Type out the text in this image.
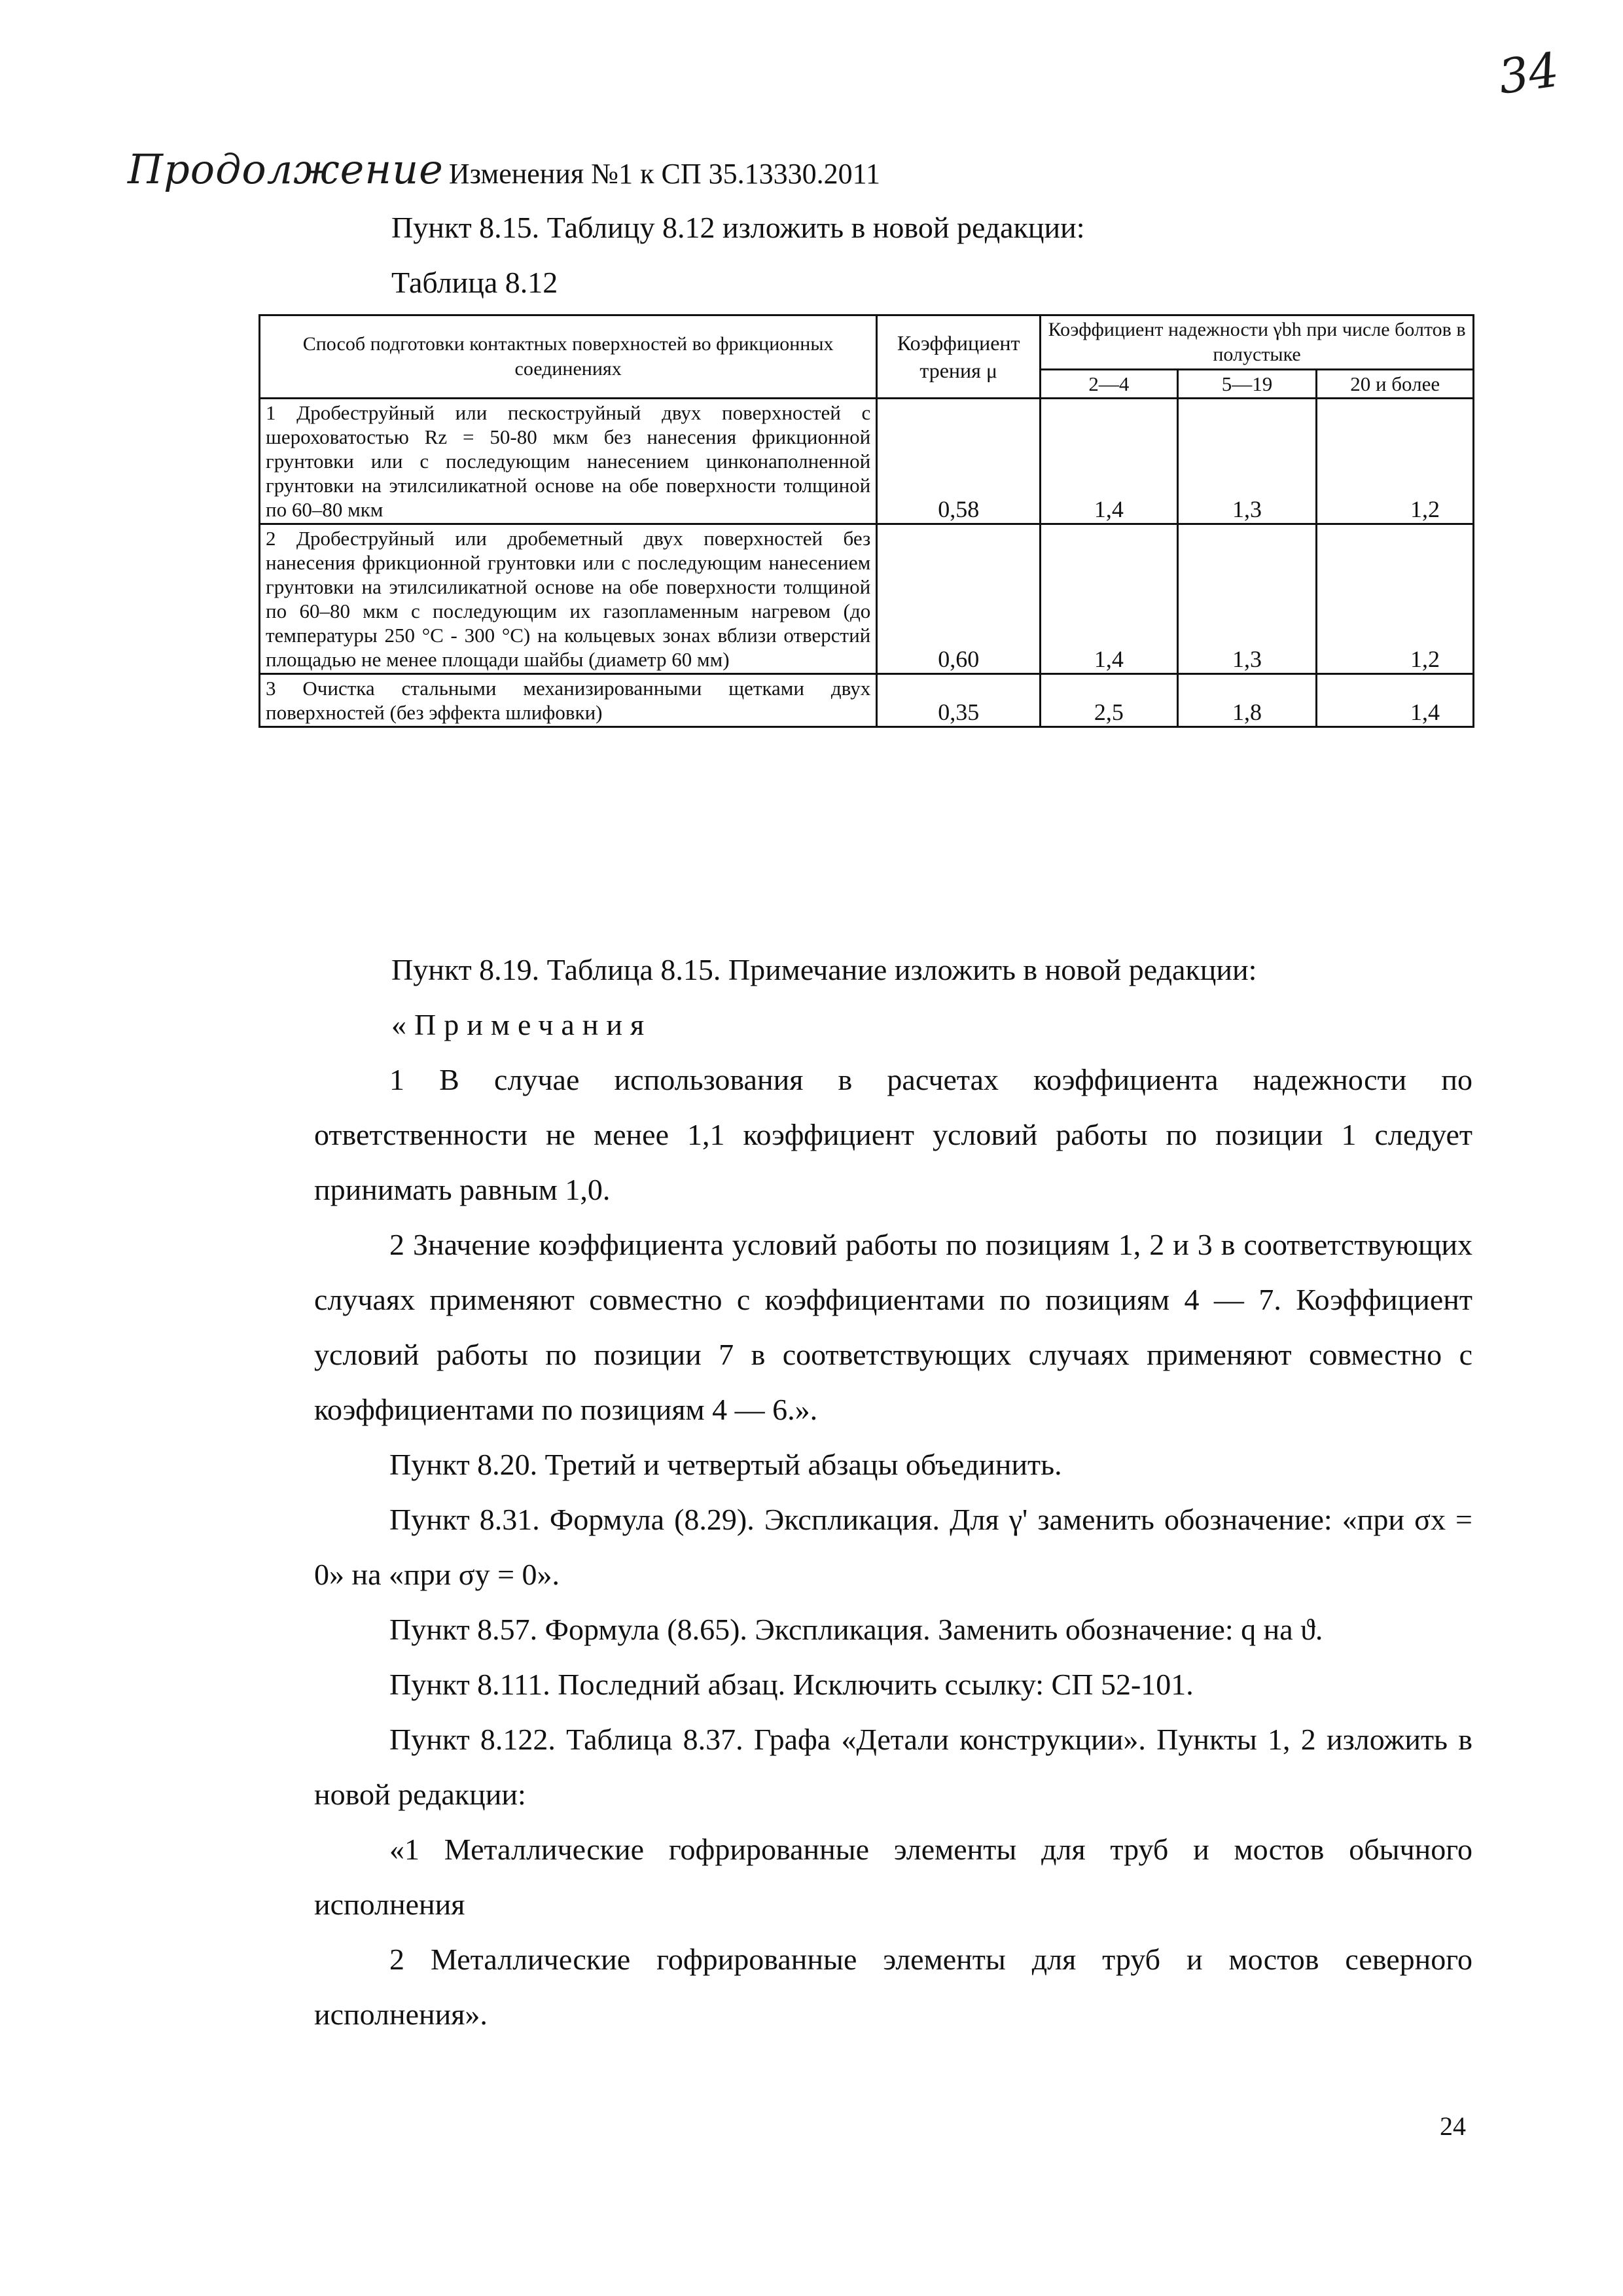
34
Продолжение Изменения №1 к СП 35.13330.2011
Пункт 8.15. Таблицу 8.12 изложить в новой редакции:
Таблица 8.12
Способ подготовки контактных поверхностей во фрикционных соединениях	Коэффициент трения μ	Коэффициент надежности γbh при числе болтов в полустыке		
		2—4	5—19	20 и более
1 Дробеструйный или пескоструйный двух поверхностей с шероховатостью Rz = 50-80 мкм без нанесения фрикционной грунтовки или с последующим нанесением цинконаполненной грунтовки на этилсиликатной основе на обе поверхности толщиной по 60–80 мкм	0,58	1,4	1,3	1,2
2 Дробеструйный или дробеметный двух поверхностей без нанесения фрикционной грунтовки или с последующим нанесением грунтовки на этилсиликатной основе на обе поверхности толщиной по 60–80 мкм с последующим их газопламенным нагревом (до температуры 250 °С - 300 °С) на кольцевых зонах вблизи отверстий площадью не менее площади шайбы (диаметр 60 мм)	0,60	1,4	1,3	1,2
3 Очистка стальными механизированными щетками двух поверхностей (без эффекта шлифовки)	0,35	2,5	1,8	1,4
Пункт 8.19. Таблица 8.15. Примечание изложить в новой редакции:
«Примечания
1 В случае использования в расчетах коэффициента надежности по ответственности не менее 1,1 коэффициент условий работы по позиции 1 следует принимать равным 1,0.
2 Значение коэффициента условий работы по позициям 1, 2 и 3 в соответствующих случаях применяют совместно с коэффициентами по позициям 4 — 7. Коэффициент условий работы по позиции 7 в соответствующих случаях применяют совместно с коэффициентами по позициям 4 — 6.».
Пункт 8.20. Третий и четвертый абзацы объединить.
Пункт 8.31. Формула (8.29). Экспликация. Для γ' заменить обозначение: «при σx = 0» на «при σy = 0».
Пункт 8.57. Формула (8.65). Экспликация. Заменить обозначение: q на ϑ.
Пункт 8.111. Последний абзац. Исключить ссылку: СП 52-101.
Пункт 8.122. Таблица 8.37. Графа «Детали конструкции». Пункты 1, 2 изложить в новой редакции:
«1 Металлические гофрированные элементы для труб и мостов обычного исполнения
2 Металлические гофрированные элементы для труб и мостов северного исполнения».
24
